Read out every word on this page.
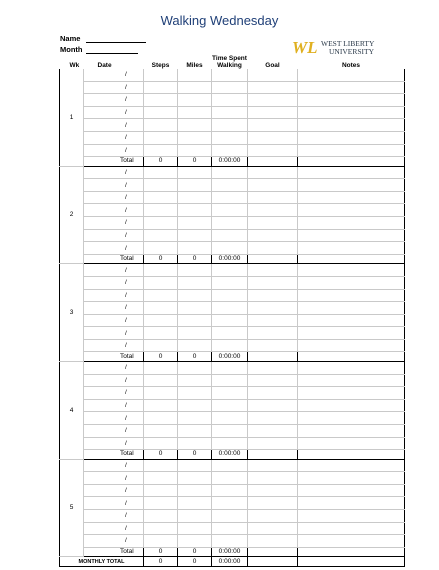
Walking Wednesday
Name
Month	WL WEST LIBERTY
UNIVERSITY
Wk	Date	Steps	Miles	Time Spent
Walking	Goal	Notes
1	/					
	/					
	/					
	/					
	/					
	/					
	/					
	Total	0	0	0:00:00		
2	/					
	/					
	/					
	/					
	/					
	/					
	/					
	Total	0	0	0:00:00		
3	/					
	/					
	/					
	/					
	/					
	/					
	/					
	Total	0	0	0:00:00		
4	/					
	/					
	/					
	/					
	/					
	/					
	/					
	Total	0	0	0:00:00		
5	/					
	/					
	/					
	/					
	/					
	/					
	/					
	Total	0	0	0:00:00		
MONTHLY TOTAL		0	0	0:00:00		
